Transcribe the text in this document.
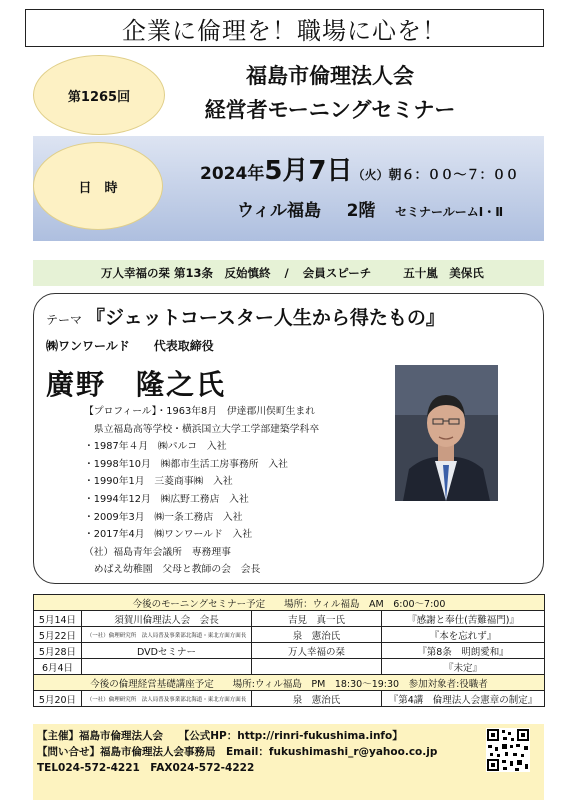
企業に倫理を！職場に心を！
第1265回
福島市倫理法人会
経営者モーニングセミナー
日　時
2024年5月7日（火）朝６：００～７：００
ウィル福島 2階 セミナールームⅠ・Ⅱ
万人幸福の栞 第13条　反始慎終 / 会員スピーチ	五十嵐　美保氏
テーマ 『ジェットコースター人生から得たもの』
㈱ワンワールド　　代表取締役
廣野　隆之氏
【プロフィール】・1963年8月　伊達郡川俣町生まれ
　県立福島高等学校・横浜国立大学工学部建築学科卒
・1987年４月　㈱パルコ　入社
・1998年10月　㈱都市生活工房事務所　入社
・1990年1月　三菱商事㈱　入社
・1994年12月　㈱広野工務店　入社
・2009年3月　㈱一条工務店　入社
・2017年4月　㈱ワンワールド　入社
（社）福島青年会議所　専務理事
　めばえ幼稚園　父母と教師の会　会長
今後のモーニングセミナー予定　　場所：ウィル福島　AM　6:00～7:00			
5月14日	須賀川倫理法人会　会長	吉見　真一氏	『感謝と奉仕(苦難福門)』
5月22日	（一社）倫理研究所　法人局普及事業部北海道・東北方面方面長	泉　憲治氏	『本を忘れず』
5月28日	DVDセミナー	万人幸福の栞	『第8条　明朗愛和』
6月4日			『未定』
今後の倫理経営基礎講座予定　　場所:ウィル福島　PM　18:30～19:30　参加対象者:役職者			
5月20日	（一社）倫理研究所　法人局普及事業部北海道・東北方面方面長	泉　憲治氏	『第4講　倫理法人会憲章の制定』
【主催】福島市倫理法人会　　【公式HP：http://rinri-fukushima.info】
【問い合せ】福島市倫理法人会事務局　Email：fukushimashi_r@yahoo.co.jp
TEL024-572-4221　FAX024-572-4222
